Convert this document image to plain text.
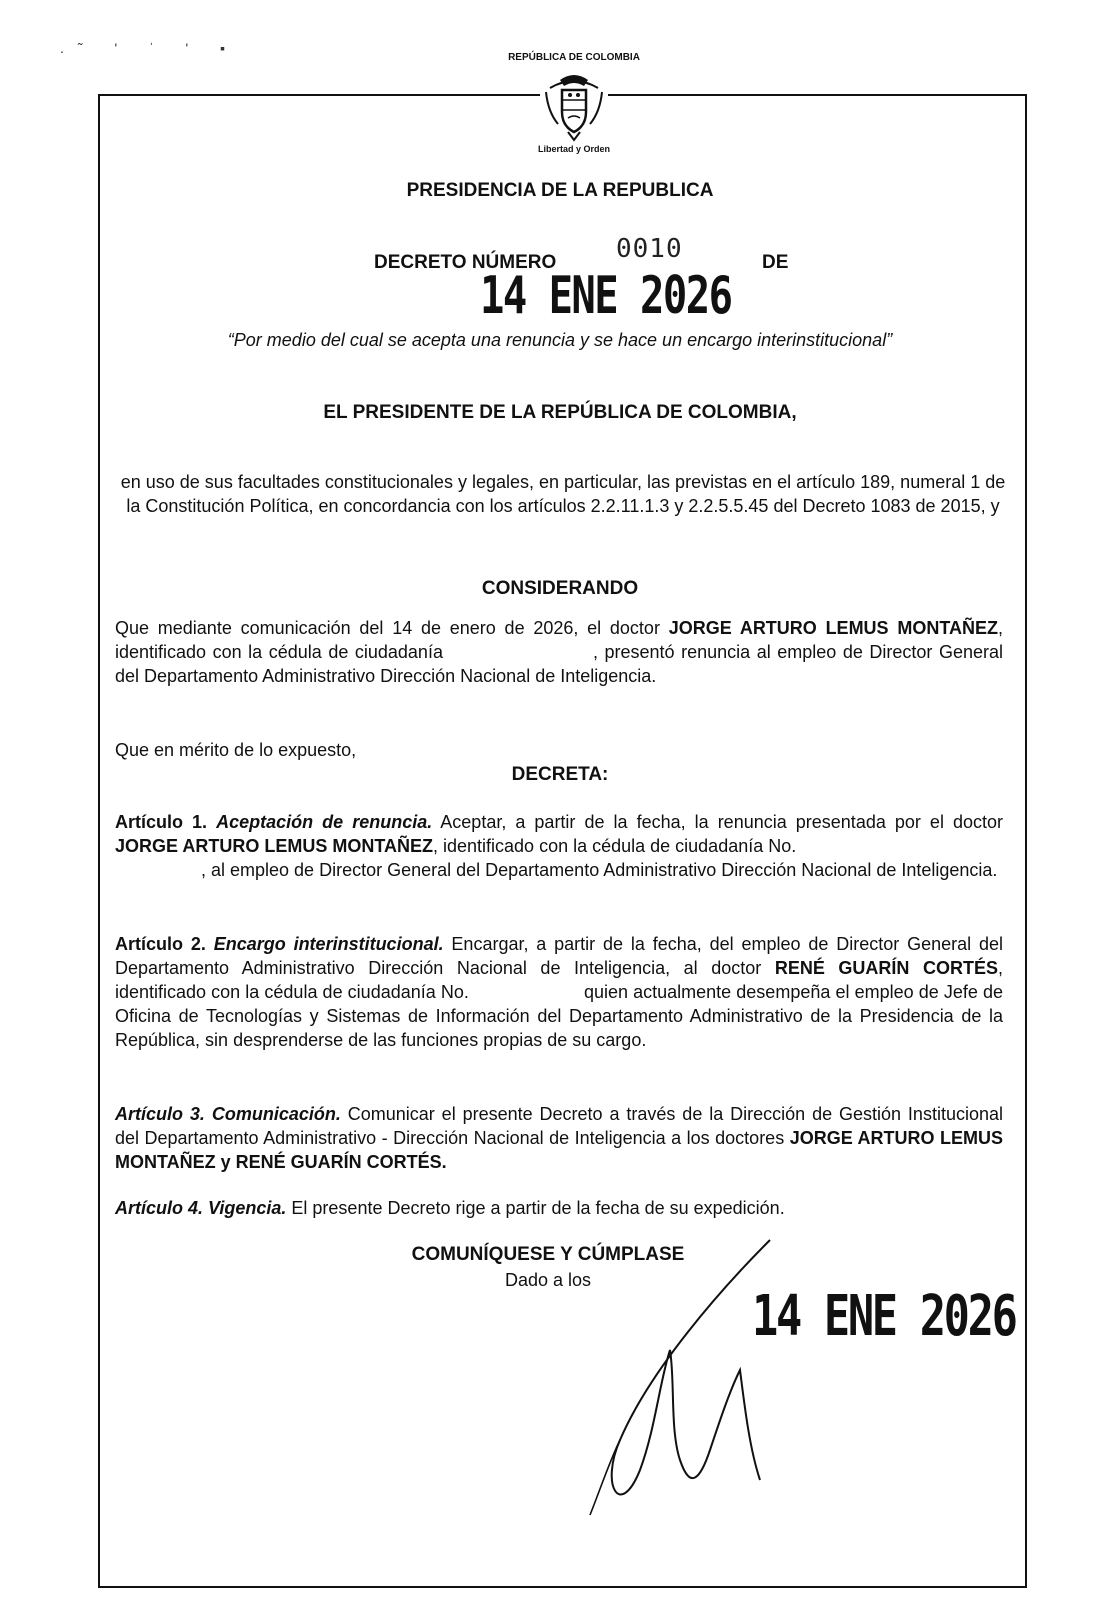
.˜ ' ˈ ' ▪
REPÚBLICA DE COLOMBIA
Libertad y Orden
PRESIDENCIA DE LA REPUBLICA
DECRETO NÚMERO 0010	DE
14 ENE 2026
“Por medio del cual se acepta una renuncia y se hace un encargo interinstitucional”
EL PRESIDENTE DE LA REPÚBLICA DE COLOMBIA,
en uso de sus facultades constitucionales y legales, en particular, las previstas en el artículo 189, numeral 1 de la Constitución Política, en concordancia con los artículos 2.2.11.1.3 y 2.2.5.5.45 del Decreto 1083 de 2015, y
CONSIDERANDO
Que mediante comunicación del 14 de enero de 2026, el doctor JORGE ARTURO LEMUS MONTAÑEZ, identificado con la cédula de ciudadanía	, presentó renuncia al empleo de Director General del Departamento Administrativo Dirección Nacional de Inteligencia.
Que en mérito de lo expuesto,
DECRETA:
Artículo 1. Aceptación de renuncia. Aceptar, a partir de la fecha, la renuncia presentada por el doctor JORGE ARTURO LEMUS MONTAÑEZ, identificado con la cédula de ciudadanía No.
, al empleo de Director General del Departamento Administrativo Dirección Nacional de Inteligencia.
Artículo 2. Encargo interinstitucional. Encargar, a partir de la fecha, del empleo de Director General del Departamento Administrativo Dirección Nacional de Inteligencia, al doctor RENÉ GUARÍN CORTÉS, identificado con la cédula de ciudadanía No.	quien actualmente desempeña el empleo de Jefe de Oficina de Tecnologías y Sistemas de Información del Departamento Administrativo de la Presidencia de la República, sin desprenderse de las funciones propias de su cargo.
Artículo 3. Comunicación. Comunicar el presente Decreto a través de la Dirección de Gestión Institucional del Departamento Administrativo - Dirección Nacional de Inteligencia a los doctores JORGE ARTURO LEMUS MONTAÑEZ y RENÉ GUARÍN CORTÉS.
Artículo 4. Vigencia. El presente Decreto rige a partir de la fecha de su expedición.
COMUNÍQUESE Y CÚMPLASE
Dado a los
14 ENE 2026
